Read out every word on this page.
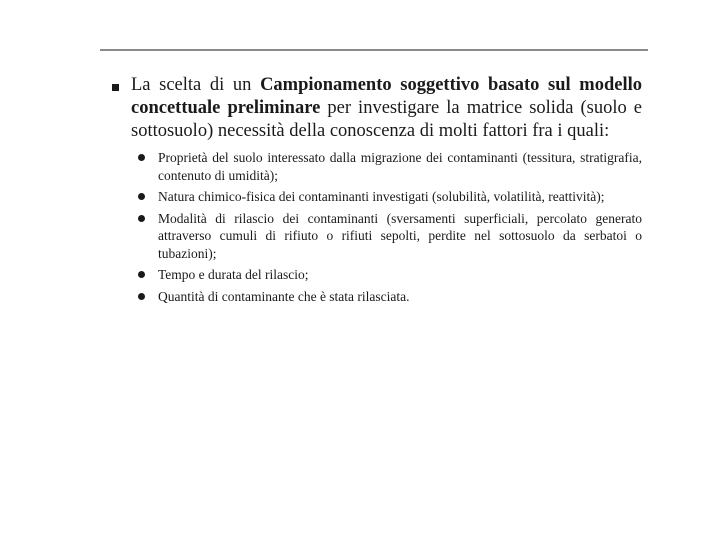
La scelta di un Campionamento soggettivo basato sul modello concettuale preliminare per investigare la matrice solida (suolo e sottosuolo) necessità della conoscenza di molti fattori fra i quali:
Proprietà del suolo interessato dalla migrazione dei contaminanti (tessitura, stratigrafia, contenuto di umidità);
Natura chimico-fisica dei contaminanti investigati (solubilità, volatilità, reattività);
Modalità di rilascio dei contaminanti (sversamenti superficiali, percolato generato attraverso cumuli di rifiuto o rifiuti sepolti, perdite nel sottosuolo da serbatoi o tubazioni);
Tempo e durata del rilascio;
Quantità di contaminante che è stata rilasciata.
